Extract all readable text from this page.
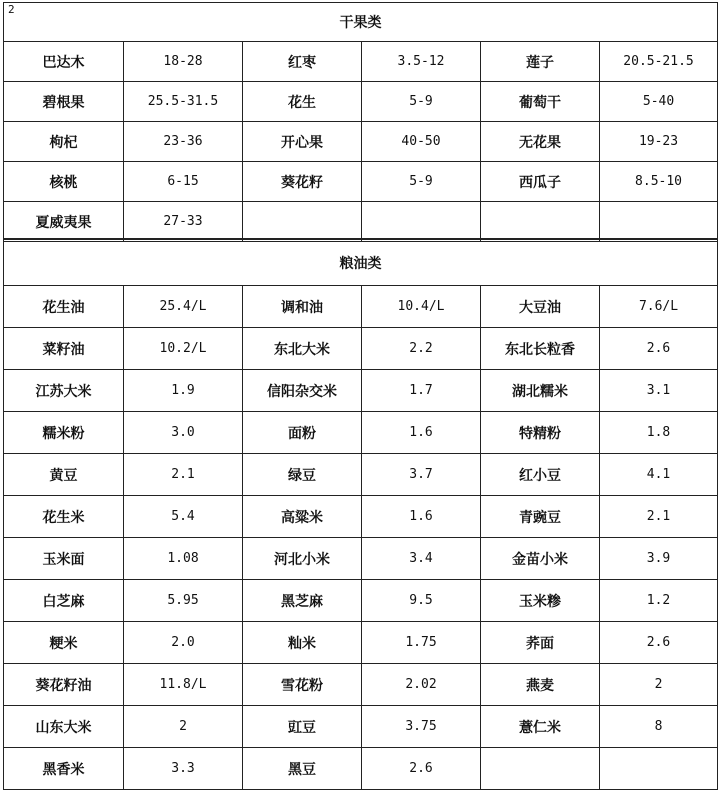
2
干果类					
巴达木	18-28	红枣	3.5-12	莲子	20.5-21.5
碧根果	25.5-31.5	花生	5-9	葡萄干	5-40
枸杞	23-36	开心果	40-50	无花果	19-23
核桃	6-15	葵花籽	5-9	西瓜子	8.5-10
夏威夷果	27-33				
粮油类					
花生油	25.4/L	调和油	10.4/L	大豆油	7.6/L
菜籽油	10.2/L	东北大米	2.2	东北长粒香	2.6
江苏大米	1.9	信阳杂交米	1.7	湖北糯米	3.1
糯米粉	3.0	面粉	1.6	特精粉	1.8
黄豆	2.1	绿豆	3.7	红小豆	4.1
花生米	5.4	高粱米	1.6	青豌豆	2.1
玉米面	1.08	河北小米	3.4	金苗小米	3.9
白芝麻	5.95	黑芝麻	9.5	玉米糁	1.2
粳米	2.0	籼米	1.75	荞面	2.6
葵花籽油	11.8/L	雪花粉	2.02	燕麦	2
山东大米	2	豇豆	3.75	薏仁米	8
黑香米	3.3	黑豆	2.6		
